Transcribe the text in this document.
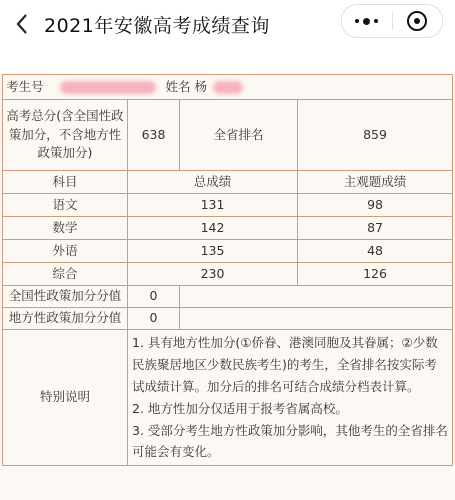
2021年安徽高考成绩查询
考生号 姓名 杨			
高考总分(含全国性政策加分，不含地方性政策加分)	638	全省排名	859
科目	总成绩		主观题成绩
语文	131		98
数学	142		87
外语	135		48
综合	230		126
全国性政策加分分值	0		
地方性政策加分分值	0		
特别说明	1. 具有地方性加分(①侨眷、港澳同胞及其眷属；②少数民族聚居地区少数民族考生)的考生，全省排名按实际考试成绩计算。加分后的排名可结合成绩分档表计算。

2. 地方性加分仅适用于报考省属高校。

3. 受部分考生地方性政策加分影响，其他考生的全省排名可能会有变化。		
